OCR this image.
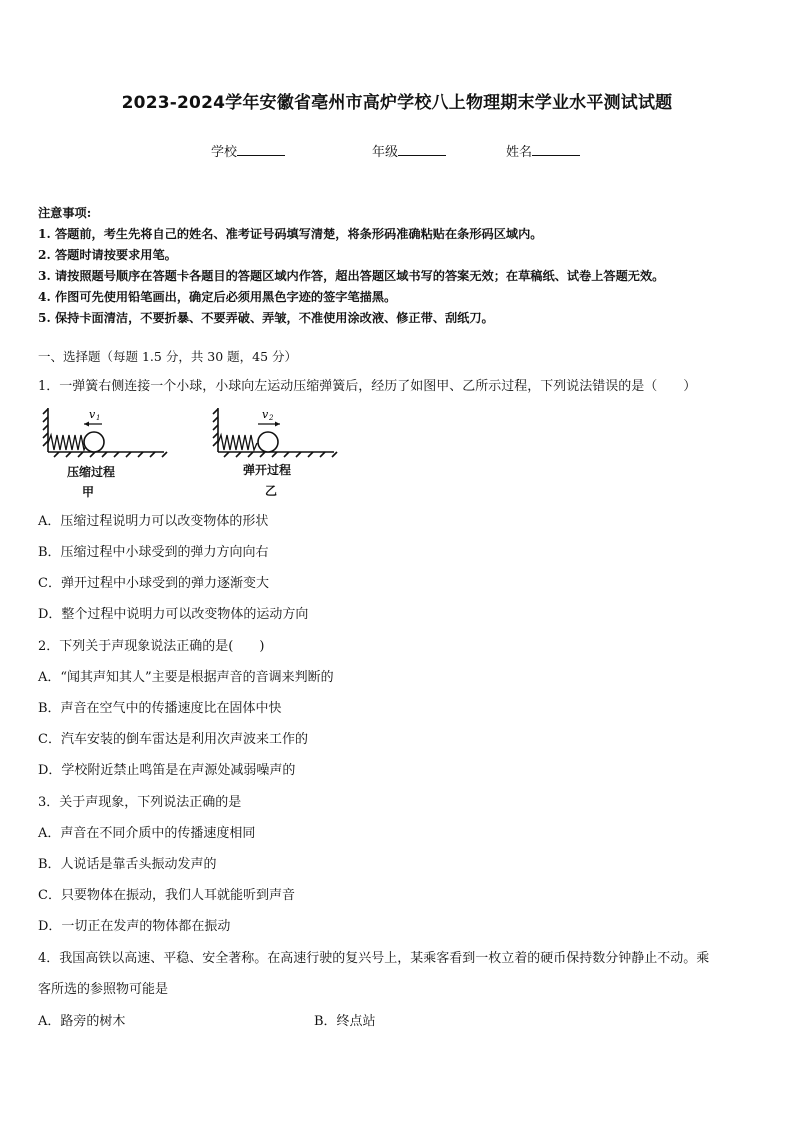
2023-2024学年安徽省亳州市高炉学校八上物理期末学业水平测试试题
学校	年级	姓名
注意事项:
1. 答题前，考生先将自己的姓名、准考证号码填写清楚，将条形码准确粘贴在条形码区域内。
2. 答题时请按要求用笔。
3. 请按照题号顺序在答题卡各题目的答题区域内作答，超出答题区域书写的答案无效；在草稿纸、试卷上答题无效。
4. 作图可先使用铅笔画出，确定后必须用黑色字迹的签字笔描黑。
5. 保持卡面清洁，不要折暴、不要弄破、弄皱，不准使用涂改液、修正带、刮纸刀。
一、选择题（每题 1.5 分，共 30 题，45 分）
1．一弹簧右侧连接一个小球，小球向左运动压缩弹簧后，经历了如图甲、乙所示过程，下列说法错误的是（　　）
v 1
压缩过程
甲
v 2
弹开过程
乙
A．压缩过程说明力可以改变物体的形状
B．压缩过程中小球受到的弹力方向向右
C．弹开过程中小球受到的弹力逐渐变大
D．整个过程中说明力可以改变物体的运动方向
2．下列关于声现象说法正确的是(　　)
A．“闻其声知其人”主要是根据声音的音调来判断的
B．声音在空气中的传播速度比在固体中快
C．汽车安装的倒车雷达是利用次声波来工作的
D．学校附近禁止鸣笛是在声源处减弱噪声的
3．关于声现象，下列说法正确的是
A．声音在不同介质中的传播速度相同
B．人说话是靠舌头振动发声的
C．只要物体在振动，我们人耳就能听到声音
D．一切正在发声的物体都在振动
4．我国高铁以高速、平稳、安全著称。在高速行驶的复兴号上，某乘客看到一枚立着的硬币保持数分钟静止不动。乘
客所选的参照物可能是
A．路旁的树木	B．终点站
